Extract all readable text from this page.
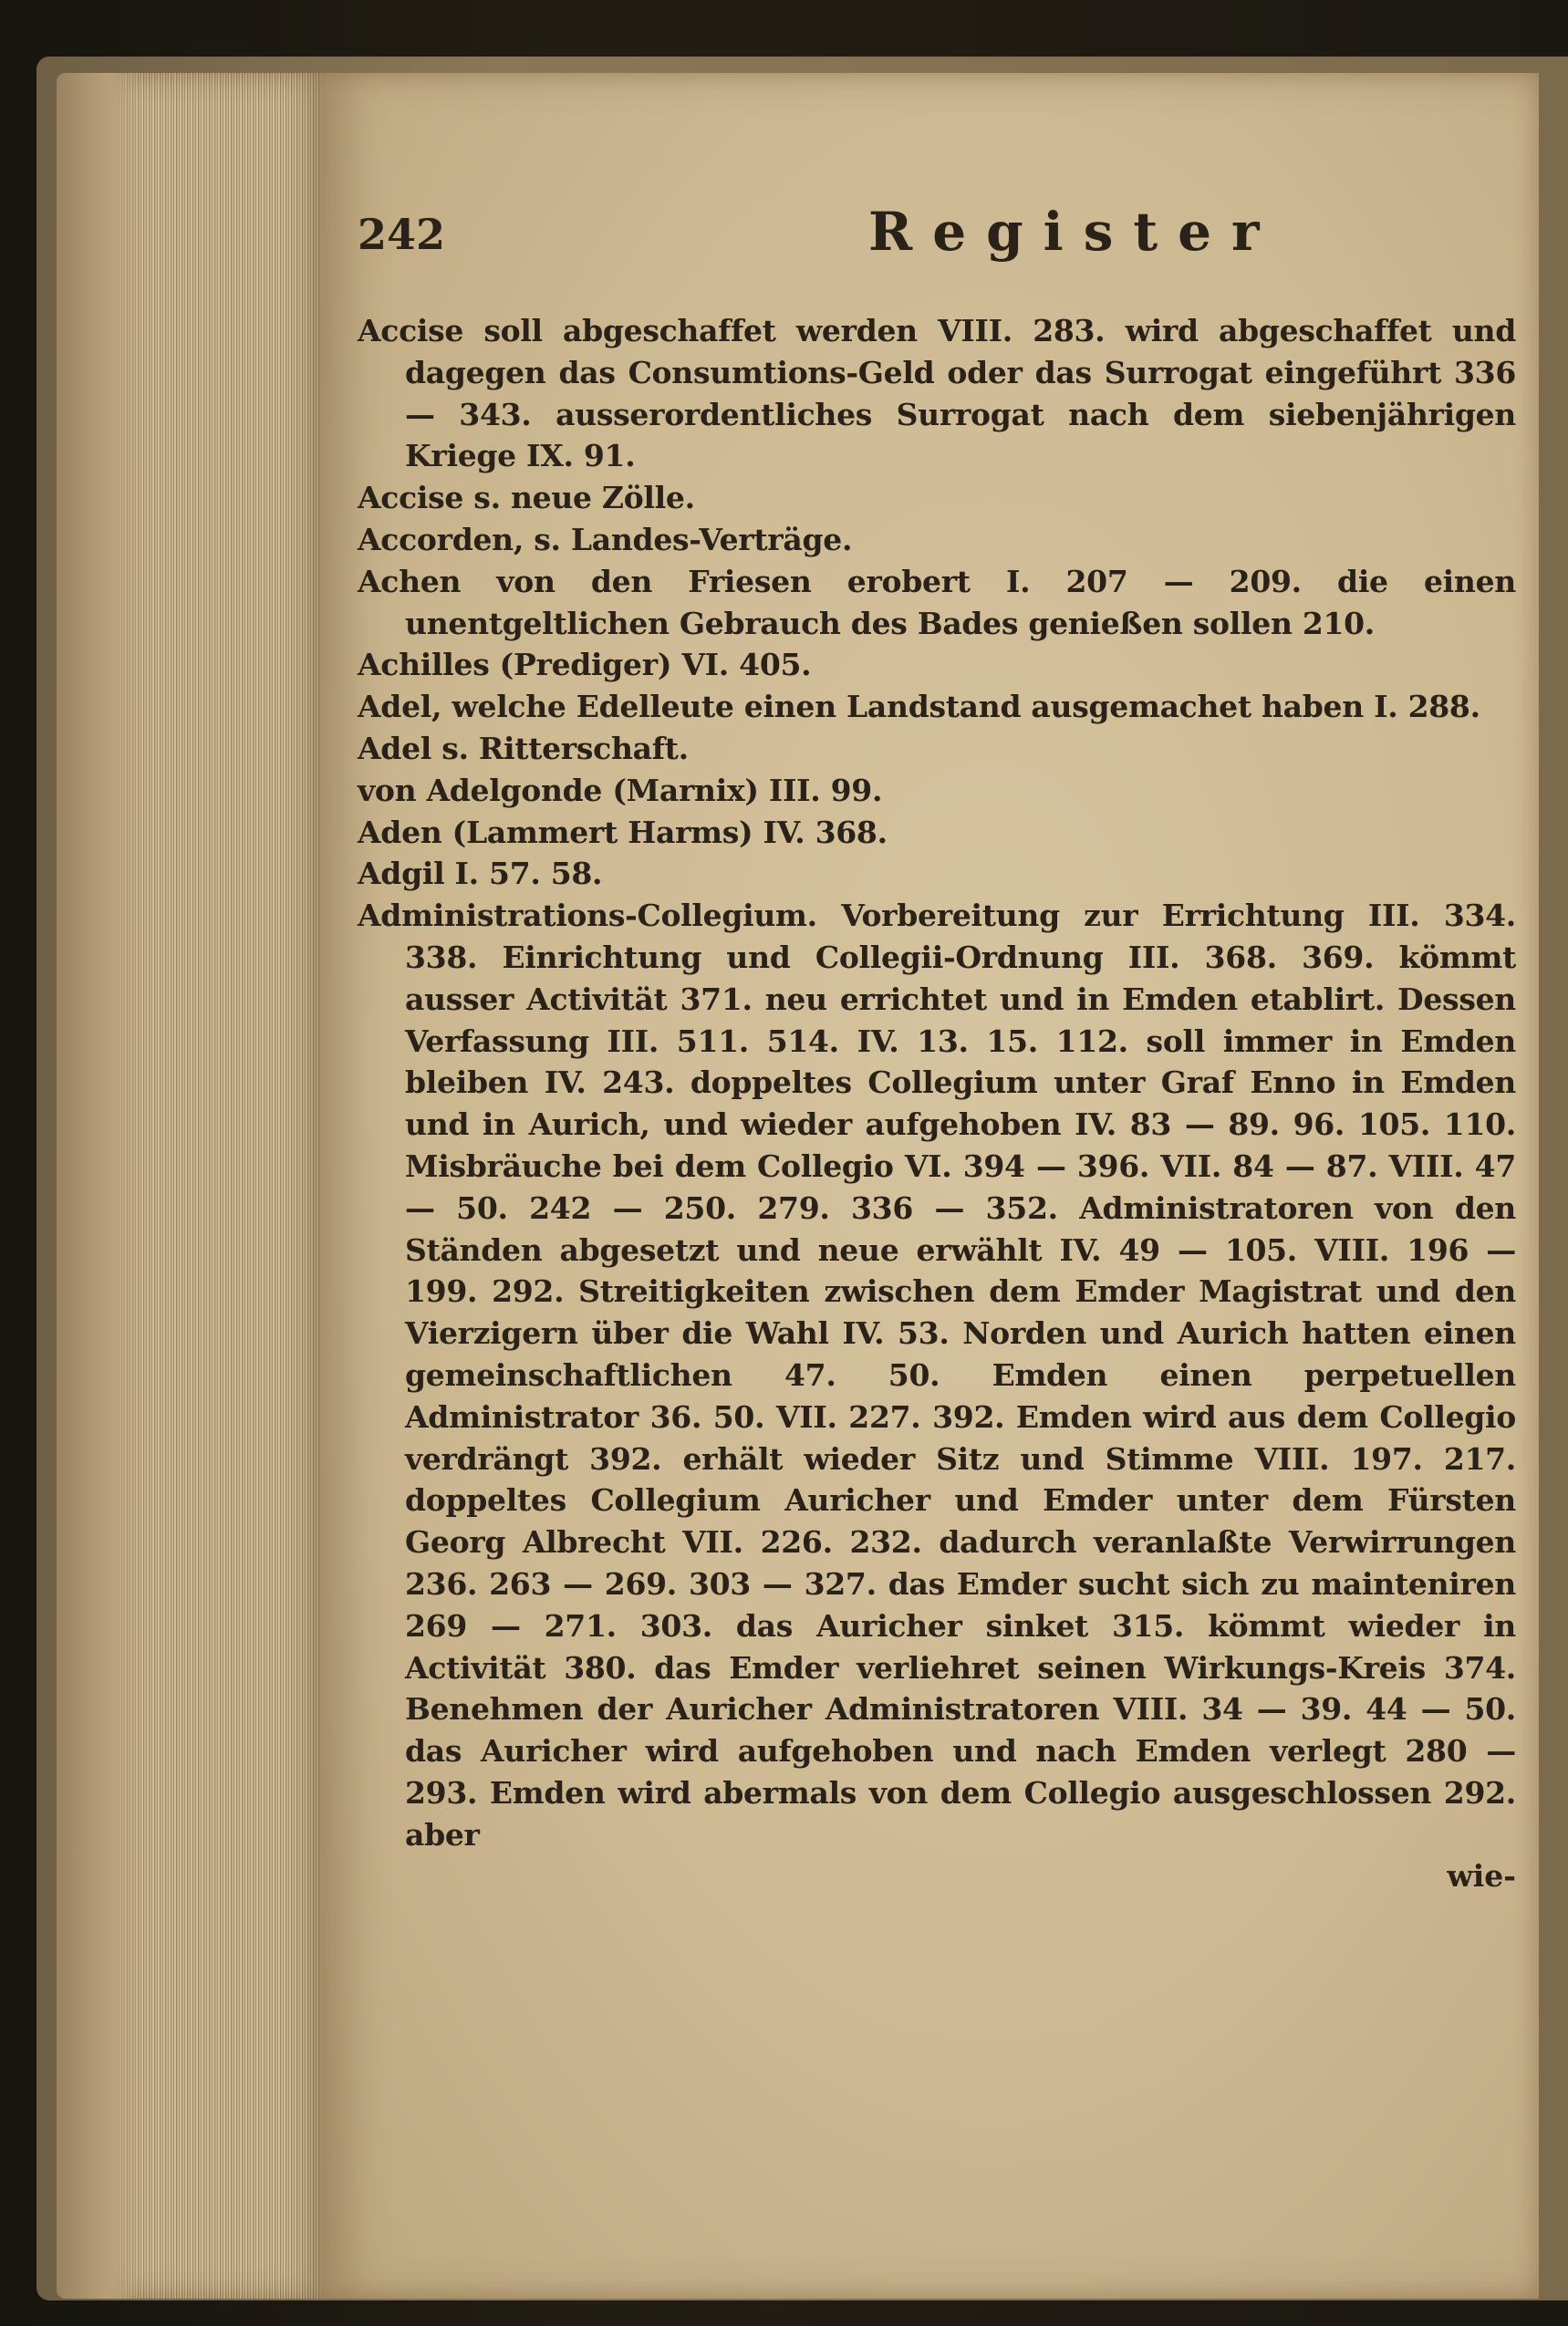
242	Register

Accise soll abgeschaffet werden VIII. 283. wird abgeschaffet und dagegen das Consumtions-Geld oder das Surrogat eingeführt 336 — 343. ausserordentliches Surrogat nach dem siebenjährigen Kriege IX. 91.

Accise s. neue Zölle.

Accorden, s. Landes-Verträge.

Achen von den Friesen erobert I. 207 — 209. die einen unentgeltlichen Gebrauch des Bades genießen sollen 210.

Achilles (Prediger) VI. 405.

Adel, welche Edelleute einen Landstand ausgemachet haben I. 288.

Adel s. Ritterschaft.

von Adelgonde (Marnix) III. 99.

Aden (Lammert Harms) IV. 368.

Adgil I. 57. 58.

Administrations-Collegium. Vorbereitung zur Errichtung III. 334. 338. Einrichtung und Collegii-Ordnung III. 368. 369. kömmt ausser Activität 371. neu errichtet und in Emden etablirt. Dessen Verfassung III. 511. 514. IV. 13. 15. 112. soll immer in Emden bleiben IV. 243. doppeltes Collegium unter Graf Enno in Emden und in Aurich, und wieder aufgehoben IV. 83 — 89. 96. 105. 110. Misbräuche bei dem Collegio VI. 394 — 396. VII. 84 — 87. VIII. 47 — 50. 242 — 250. 279. 336 — 352. Administratoren von den Ständen abgesetzt und neue erwählt IV. 49 — 105. VIII. 196 — 199. 292. Streitigkeiten zwischen dem Emder Magistrat und den Vierzigern über die Wahl IV. 53. Norden und Aurich hatten einen gemeinschaftlichen 47. 50. Emden einen perpetuellen Administrator 36. 50. VII. 227. 392. Emden wird aus dem Collegio verdrängt 392. erhält wieder Sitz und Stimme VIII. 197. 217. doppeltes Collegium Auricher und Emder unter dem Fürsten Georg Albrecht VII. 226. 232. dadurch veranlaßte Verwirrungen 236. 263 — 269. 303 — 327. das Emder sucht sich zu mainteniren 269 — 271. 303. das Auricher sinket 315. kömmt wieder in Activität 380. das Emder verliehret seinen Wirkungs-Kreis 374. Benehmen der Auricher Administratoren VIII. 34 — 39. 44 — 50. das Auricher wird aufgehoben und nach Emden verlegt 280 — 293. Emden wird abermals von dem Collegio ausgeschlossen 292. aber

wie-
